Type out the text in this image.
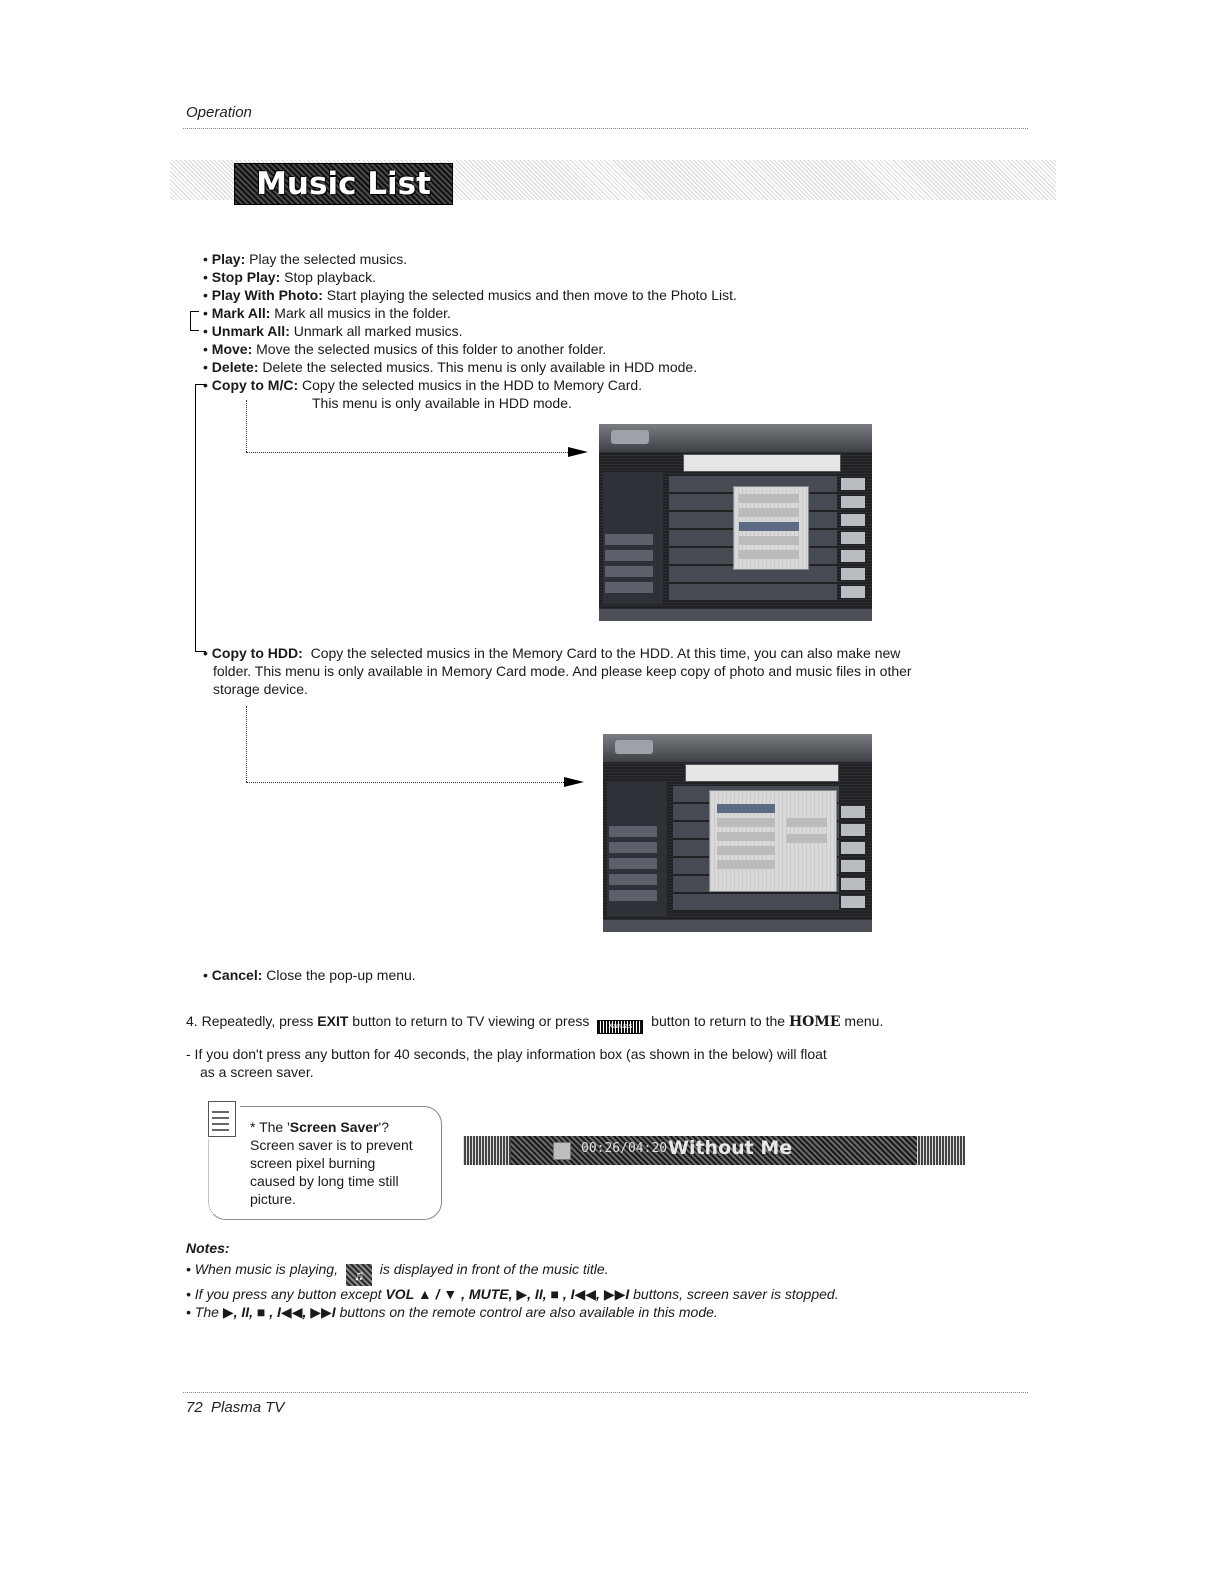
Operation
Music List
• Play: Play the selected musics.
• Stop Play: Stop playback.
• Play With Photo: Start playing the selected musics and then move to the Photo List.
• Mark All: Mark all musics in the folder.
• Unmark All: Unmark all marked musics.
• Move: Move the selected musics of this folder to another folder.
• Delete: Delete the selected musics. This menu is only available in HDD mode.
• Copy to M/C: Copy the selected musics in the HDD to Memory Card.
This menu is only available in HDD mode.
• Copy to HDD: Copy the selected musics in the Memory Card to the HDD. At this time, you can also make new
folder. This menu is only available in Memory Card mode. And please keep copy of photo and music files in other
storage device.
• Cancel: Close the pop-up menu.
4. Repeatedly, press EXIT button to return to TV viewing or press	Xanuas button to return to the HOME menu.
- If you don't press any button for 40 seconds, the play information box (as shown in the below) will float
as a screen saver.
* The 'Screen Saver'?
Screen saver is to prevent
screen pixel burning
caused by long time still
picture.
00:26/04:20 Without Me
Notes:
• When music is playing, ♫ is displayed in front of the music title.
• If you press any button except VOL ▲ / ▼ , MUTE, ▶, II, ■ , I◀◀, ▶▶I buttons, screen saver is stopped.
• The ▶, II, ■ , I◀◀, ▶▶I buttons on the remote control are also available in this mode.
72 Plasma TV
